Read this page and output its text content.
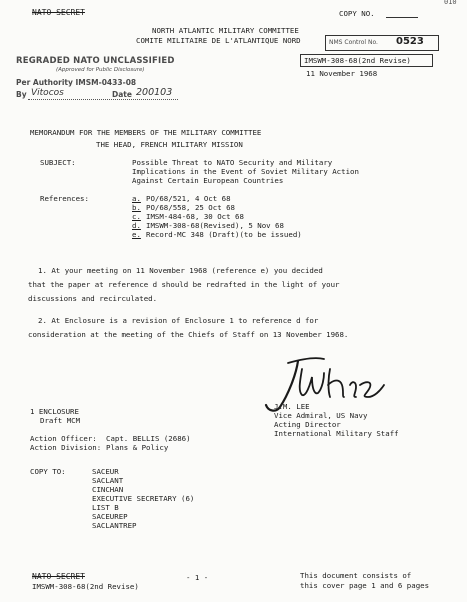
NATO SECRET	COPY NO.
010
NORTH ATLANTIC MILITARY COMMITTEE
COMITE MILITAIRE DE L'ATLANTIQUE NORD	NMS Control No. 0523
IMSWM-308-68(2nd Revise)
11 November 1968
REGRADED NATO UNCLASSIFIED
(Approved for Public Disclosure)
Per Authority IMSM-0433-08
By Vitocos	Date 200103
MEMORANDUM FOR THE MEMBERS OF THE MILITARY COMMITTEE
THE HEAD, FRENCH MILITARY MISSION
SUBJECT:	Possible Threat to NATO Security and Military
Implications in the Event of Soviet Military Action
Against Certain European Countries
References:	a. PO/68/521, 4 Oct 68
b. PO/68/558, 25 Oct 68
c. IMSM-484-68, 30 Oct 68
d. IMSWM-308-68(Revised), 5 Nov 68
e. Record-MC 348 (Draft)(to be issued)
1. At your meeting on 11 November 1968 (reference e) you decided
that the paper at reference d should be redrafted in the light of your
discussions and recirculated.
2. At Enclosure is a revision of Enclosure 1 to reference d for
consideration at the meeting of the Chiefs of Staff on 13 November 1968.
J.M. LEE
Vice Admiral, US Navy
Acting Director
International Military Staff
1 ENCLOSURE
Draft MCM
Action Officer: Capt. BELLIS (2686)
Action Division: Plans & Policy
COPY TO:	SACEUR
SACLANT
CINCHAN
EXECUTIVE SECRETARY (6)
LIST B
SACEUREP
SACLANTREP
NATO SECRET
IMSWM-308-68(2nd Revise)
- 1 -	This document consists of
this cover page 1 and 6 pages
